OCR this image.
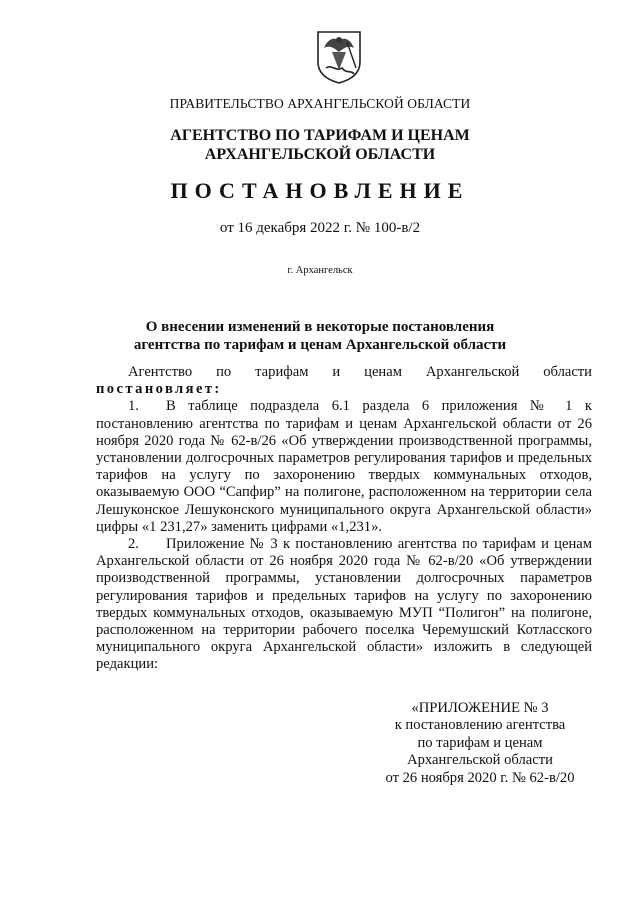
ПРАВИТЕЛЬСТВО АРХАНГЕЛЬСКОЙ ОБЛАСТИ
АГЕНТСТВО ПО ТАРИФАМ И ЦЕНАМ
АРХАНГЕЛЬСКОЙ ОБЛАСТИ
ПОСТАНОВЛЕНИЕ
от 16 декабря 2022 г. № 100-в/2
г. Архангельск
О внесении изменений в некоторые постановления
агентства по тарифам и ценам Архангельской области

Агентство по тарифам и ценам Архангельской области

постановляет:

1. В таблице подраздела 6.1 раздела 6 приложения № 1 к постановлению агентства по тарифам и ценам Архангельской области от 26 ноября 2020 года № 62-в/26 «Об утверждении производственной программы, установлении долгосрочных параметров регулирования тарифов и предельных тарифов на услугу по захоронению твердых коммунальных отходов, оказываемую ООО “Сапфир” на полигоне, расположенном на территории села Лешуконское Лешуконского муниципального округа Архангельской области» цифры «1 231,27» заменить цифрами «1,231».

2. Приложение № 3 к постановлению агентства по тарифам и ценам Архангельской области от 26 ноября 2020 года № 62-в/20 «Об утверждении производственной программы, установлении долгосрочных параметров регулирования тарифов и предельных тарифов на услугу по захоронению твердых коммунальных отходов, оказываемую МУП “Полигон” на полигоне, расположенном на территории рабочего поселка Черемушский Котласского муниципального округа Архангельской области» изложить в следующей редакции:

«ПРИЛОЖЕНИЕ № 3
к постановлению агентства
по тарифам и ценам
Архангельской области
от 26 ноября 2020 г. № 62-в/20
